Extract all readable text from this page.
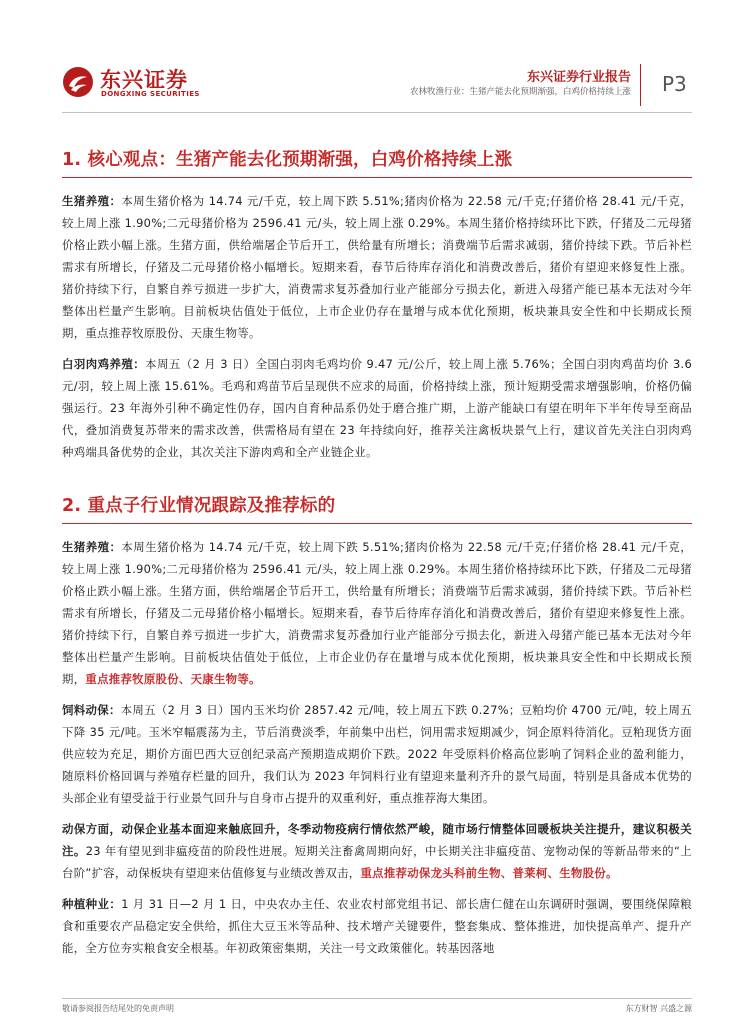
东兴证券
DONGXING SECURITIES
东兴证券行业报告
农林牧渔行业：生猪产能去化预期渐强，白鸡价格持续上涨 P3
1. 核心观点：生猪产能去化预期渐强，白鸡价格持续上涨

生猪养殖：本周生猪价格为 14.74 元/千克，较上周下跌 5.51%;猪肉价格为 22.58 元/千克;仔猪价格 28.41 元/千克，较上周上涨 1.90%;二元母猪价格为 2596.41 元/头，较上周上涨 0.29%。本周生猪价格持续环比下跌，仔猪及二元母猪价格止跌小幅上涨。生猪方面，供给端屠企节后开工，供给量有所增长；消费端节后需求减弱，猪价持续下跌。节后补栏需求有所增长，仔猪及二元母猪价格小幅增长。短期来看，春节后待库存消化和消费改善后，猪价有望迎来修复性上涨。猪价持续下行，自繁自养亏损进一步扩大，消费需求复苏叠加行业产能部分亏损去化，新进入母猪产能已基本无法对今年整体出栏量产生影响。目前板块估值处于低位，上市企业仍存在量增与成本优化预期，板块兼具安全性和中长期成长预期，重点推荐牧原股份、天康生物等。

白羽肉鸡养殖：本周五（2 月 3 日）全国白羽肉毛鸡均价 9.47 元/公斤，较上周上涨 5.76%；全国白羽肉鸡苗均价 3.6 元/羽，较上周上涨 15.61%。毛鸡和鸡苗节后呈现供不应求的局面，价格持续上涨，预计短期受需求增强影响，价格仍偏强运行。23 年海外引种不确定性仍存，国内自育种品系仍处于磨合推广期，上游产能缺口有望在明年下半年传导至商品代，叠加消费复苏带来的需求改善，供需格局有望在 23 年持续向好，推荐关注禽板块景气上行，建议首先关注白羽肉鸡种鸡端具备优势的企业，其次关注下游肉鸡和全产业链企业。

2. 重点子行业情况跟踪及推荐标的

生猪养殖：本周生猪价格为 14.74 元/千克，较上周下跌 5.51%;猪肉价格为 22.58 元/千克;仔猪价格 28.41 元/千克，较上周上涨 1.90%;二元母猪价格为 2596.41 元/头，较上周上涨 0.29%。本周生猪价格持续环比下跌，仔猪及二元母猪价格止跌小幅上涨。生猪方面，供给端屠企节后开工，供给量有所增长；消费端节后需求减弱，猪价持续下跌。节后补栏需求有所增长，仔猪及二元母猪价格小幅增长。短期来看，春节后待库存消化和消费改善后，猪价有望迎来修复性上涨。猪价持续下行，自繁自养亏损进一步扩大，消费需求复苏叠加行业产能部分亏损去化，新进入母猪产能已基本无法对今年整体出栏量产生影响。目前板块估值处于低位，上市企业仍存在量增与成本优化预期，板块兼具安全性和中长期成长预期，重点推荐牧原股份、天康生物等。

饲料动保：本周五（2 月 3 日）国内玉米均价 2857.42 元/吨，较上周五下跌 0.27%；豆粕均价 4700 元/吨，较上周五下降 35 元/吨。玉米窄幅震荡为主，节后消费淡季，年前集中出栏，饲用需求短期减少，饲企原料待消化。豆粕现货方面供应较为充足，期价方面巴西大豆创纪录高产预期造成期价下跌。2022 年受原料价格高位影响了饲料企业的盈利能力，随原料价格回调与养殖存栏量的回升，我们认为 2023 年饲料行业有望迎来量利齐升的景气局面，特别是具备成本优势的头部企业有望受益于行业景气回升与自身市占提升的双重利好，重点推荐海大集团。

动保方面，动保企业基本面迎来触底回升，冬季动物疫病行情依然严峻，随市场行情整体回暖板块关注提升，建议积极关注。23 年有望见到非瘟疫苗的阶段性进展。短期关注畜禽周期向好，中长期关注非瘟疫苗、宠物动保的等新品带来的“上台阶”扩容，动保板块有望迎来估值修复与业绩改善双击，重点推荐动保龙头科前生物、普莱柯、生物股份。

种植种业：1 月 31 日—2 月 1 日，中央农办主任、农业农村部党组书记、部长唐仁健在山东调研时强调，要围绕保障粮食和重要农产品稳定安全供给，抓住大豆玉米等品种、技术增产关键要件，整套集成、整体推进，加快提高单产、提升产能，全方位夯实粮食安全根基。年初政策密集期，关注一号文政策催化。转基因落地

敬请参阅报告结尾处的免责声明	东方财智 兴盛之源
